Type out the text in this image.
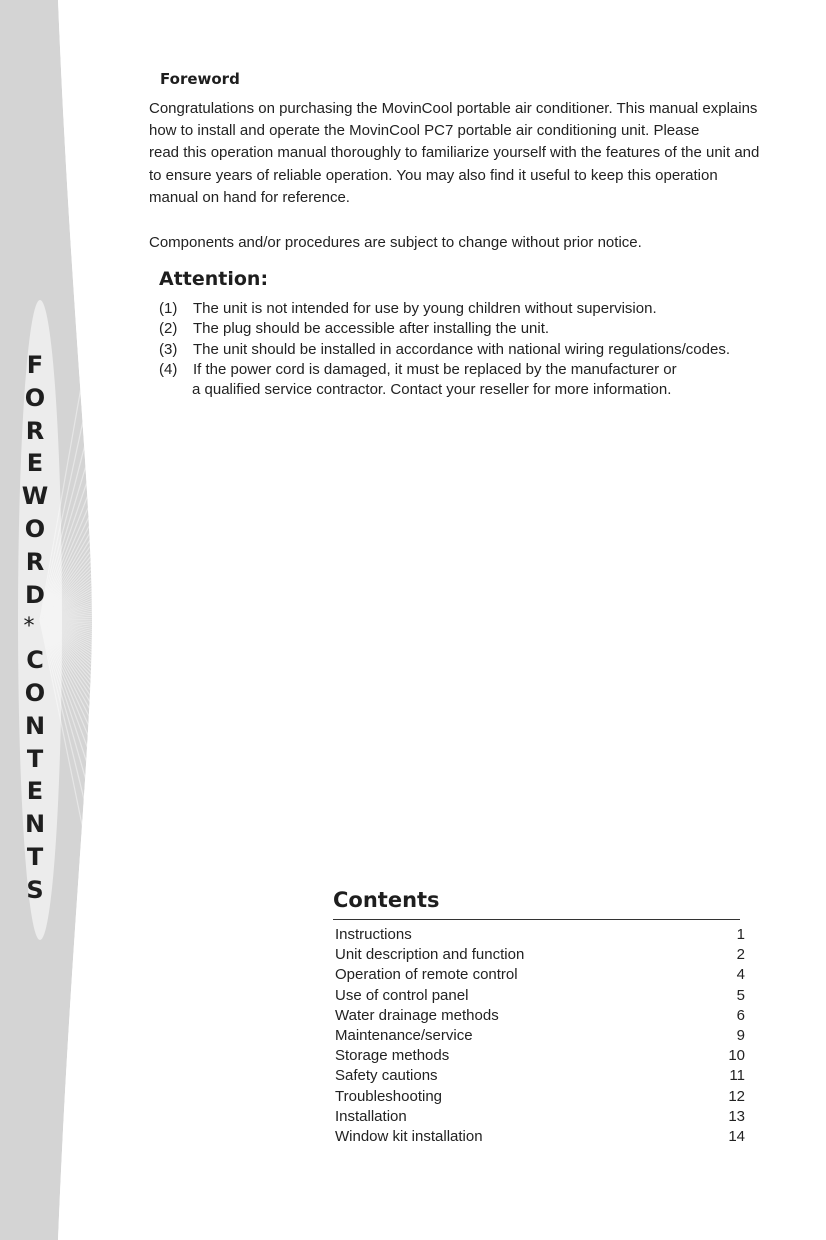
F
O
R
E
W
O
R
D
*
C
O
N
T
E
N
T
S
Foreword

Congratulations on purchasing the MovinCool portable air conditioner. This manual explains
how to install and operate the MovinCool PC7 portable air conditioning unit. Please
read this operation manual thoroughly to familiarize yourself with the features of the unit and
to ensure years of reliable operation. You may also find it useful to keep this operation
manual on hand for reference.

Components and/or procedures are subject to change without prior notice.

Attention:
(1) The unit is not intended for use by young children without supervision.
(2) The plug should be accessible after installing the unit.
(3) The unit should be installed in accordance with national wiring regulations/codes.
(4) If the power cord is damaged, it must be replaced by the manufacturer or
a qualified service contractor. Contact your reseller for more information.
Contents
Instructions	1
Unit description and function	2
Operation of remote control	4
Use of control panel	5
Water drainage methods	6
Maintenance/service	9
Storage methods	10
Safety cautions	11
Troubleshooting	12
Installation	13
Window kit installation	14
